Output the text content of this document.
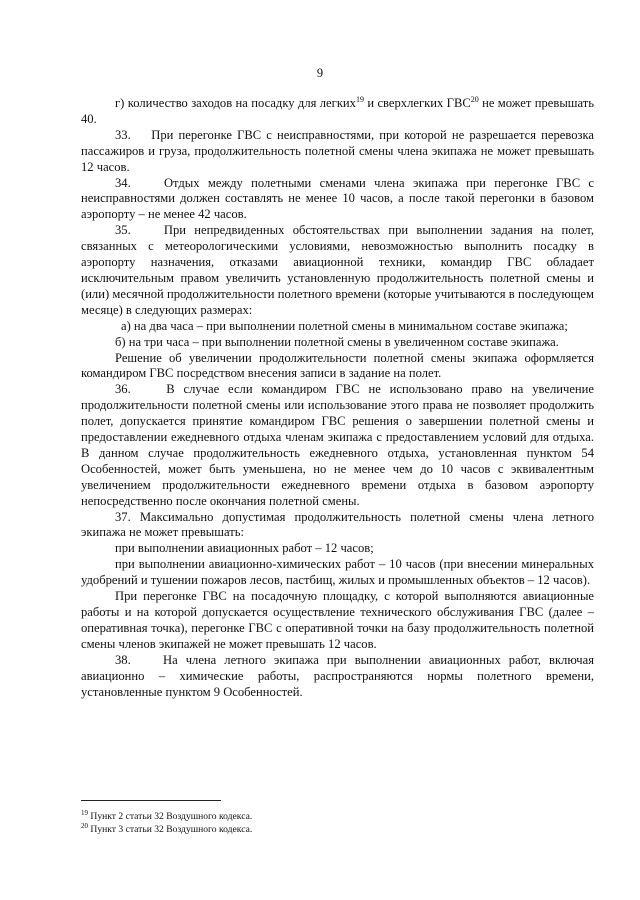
9

г) количество заходов на посадку для легких$^{19}$ и сверхлегких ГВС$^{20}$ не может превышать 40.

33.    При перегонке ГВС с неисправностями, при которой не разрешается перевозка пассажиров и груза, продолжительность полетной смены члена экипажа не может превышать 12 часов.

34.    Отдых между полетными сменами члена экипажа при перегонке ГВС с неисправностями должен составлять не менее 10 часов, а после такой перегонки в базовом аэропорту – не менее 42 часов.

35.    При непредвиденных обстоятельствах при выполнении задания на полет, связанных с метеорологическими условиями, невозможностью выполнить посадку в аэропорту назначения, отказами авиационной техники, командир ГВС обладает исключительным правом увеличить установленную продолжительность полетной смены и (или) месячной продолжительности полетного времени (которые учитываются в последующем месяце) в следующих размерах:

а) на два часа – при выполнении полетной смены в минимальном составе экипажа;

б) на три часа – при выполнении полетной смены в увеличенном составе экипажа.

Решение об увеличении продолжительности полетной смены экипажа оформляется командиром ГВС посредством внесения записи в задание на полет.

36.    В случае если командиром ГВС не использовано право на увеличение продолжительности полетной смены или использование этого права не позволяет продолжить полет, допускается принятие командиром ГВС решения о завершении полетной смены и предоставлении ежедневного отдыха членам экипажа с предоставлением условий для отдыха. В данном случае продолжительность ежедневного отдыха, установленная пунктом 54 Особенностей, может быть уменьшена, но не менее чем до 10 часов с эквивалентным увеличением продолжительности ежедневного времени отдыха в базовом аэропорту непосредственно после окончания полетной смены.

37. Максимально допустимая продолжительность полетной смены члена летного экипажа не может превышать:

при выполнении авиационных работ – 12 часов;

при выполнении авиационно-химических работ – 10 часов (при внесении минеральных удобрений и тушении пожаров лесов, пастбищ, жилых и промышленных объектов – 12 часов).

При перегонке ГВС на посадочную площадку, с которой выполняются авиационные работы и на которой допускается осуществление технического обслуживания ГВС (далее – оперативная точка), перегонке ГВС с оперативной точки на базу продолжительность полетной смены членов экипажей не может превышать 12 часов.

38.    На члена летного экипажа при выполнении авиационных работ, включая авиационно – химические работы, распространяются нормы полетного времени, установленные пунктом 9 Особенностей.

$^{19}$ Пункт 2 статьи 32 Воздушного кодекса.

$^{20}$ Пункт 3 статьи 32 Воздушного кодекса.
